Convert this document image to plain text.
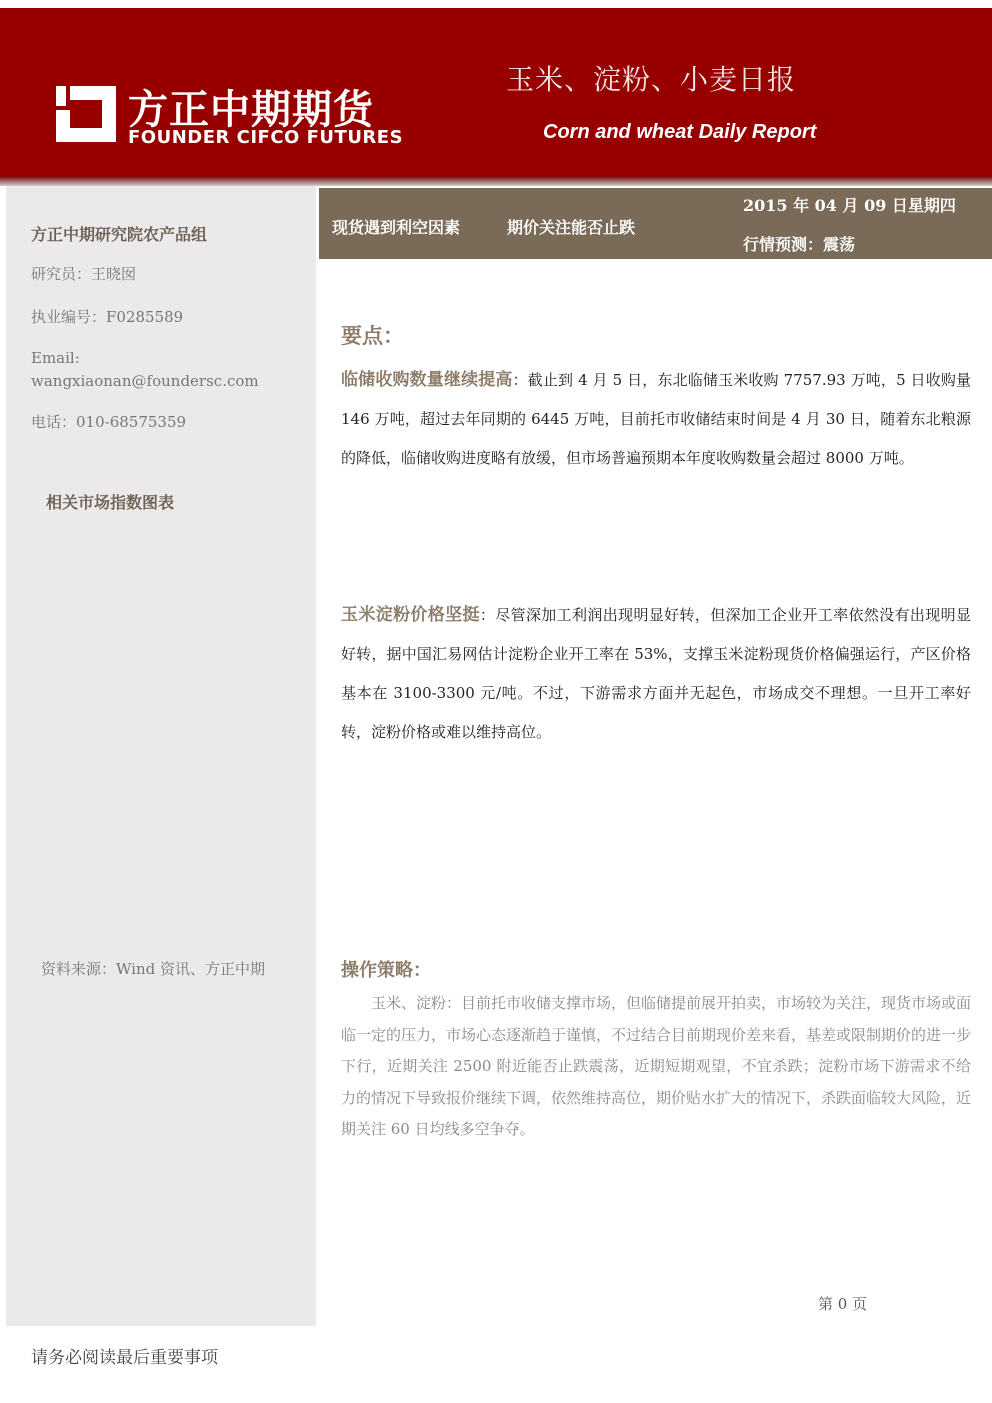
方正中期期货
FOUNDER CIFCO FUTURES
玉米、淀粉、小麦日报
Corn and wheat Daily Report
方正中期研究院农产品组
研究员：王晓囡
执业编号：F0285589
Email:
wangxiaonan@foundersc.com
电话：010-68575359
相关市场指数图表
资料来源：Wind 资讯、方正中期
现货遇到利空因素	期价关注能否止跌
2015 年 04 月 09 日星期四
行情预测：震荡
要点：
临储收购数量继续提高：截止到 4 月 5 日，东北临储玉米收购 7757.93 万吨，5 日收购量 146 万吨，超过去年同期的 6445 万吨，目前托市收储结束时间是 4 月 30 日，随着东北粮源的降低，临储收购进度略有放缓，但市场普遍预期本年度收购数量会超过 8000 万吨。
玉米淀粉价格坚挺：尽管深加工利润出现明显好转，但深加工企业开工率依然没有出现明显好转，据中国汇易网估计淀粉企业开工率在 53%，支撑玉米淀粉现货价格偏强运行，产区价格基本在 3100-3300 元/吨。不过，下游需求方面并无起色，市场成交不理想。一旦开工率好转，淀粉价格或难以维持高位。
操作策略：
玉米、淀粉：目前托市收储支撑市场，但临储提前展开拍卖，市场较为关注，现货市场或面临一定的压力，市场心态逐渐趋于谨慎，不过结合目前期现价差来看，基差或限制期价的进一步下行，近期关注 2500 附近能否止跌震荡，近期短期观望，不宜杀跌；淀粉市场下游需求不给力的情况下导致报价继续下调，依然维持高位，期价贴水扩大的情况下，杀跌面临较大风险，近期关注 60 日均线多空争夺。
第 0 页
请务必阅读最后重要事项
